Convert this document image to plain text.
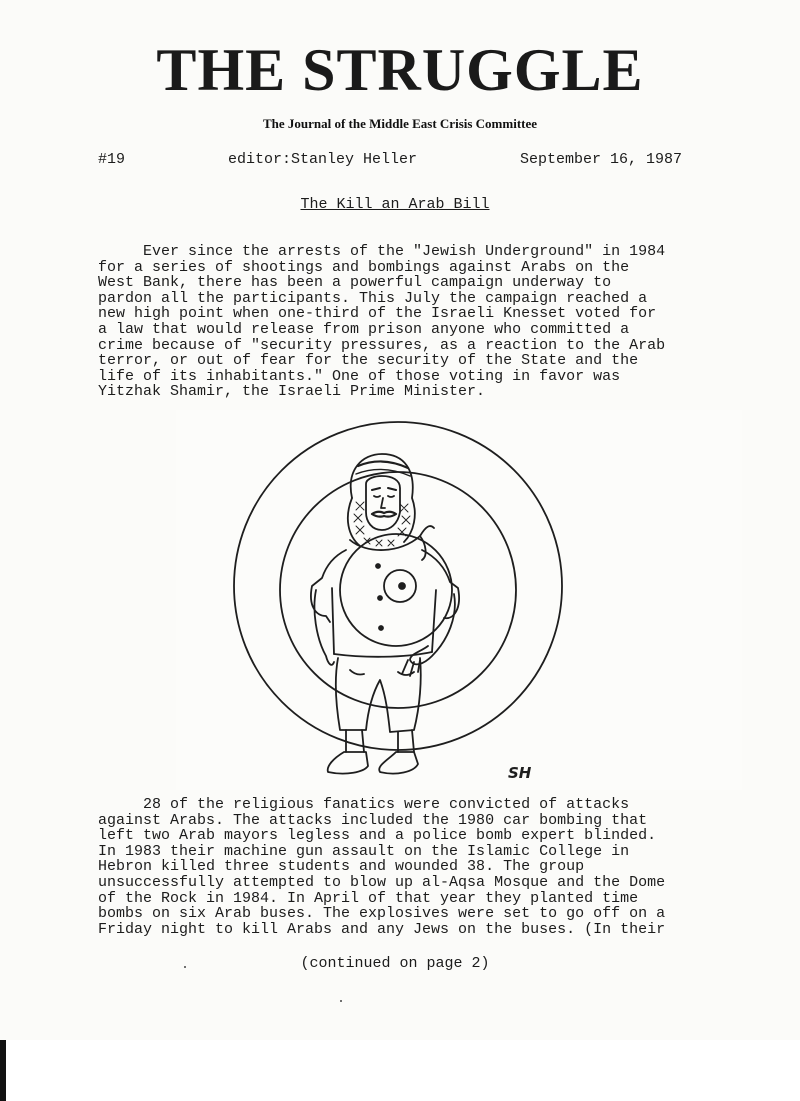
THE STRUGGLE
The Journal of the Middle East Crisis Committee
#19	editor:Stanley Heller	September 16, 1987
The Kill an Arab Bill

Ever since the arrests of the "Jewish Underground" in 1984
for a series of shootings and bombings against Arabs on the
West Bank, there has been a powerful campaign underway to
pardon all the participants. This July the campaign reached a
new high point when one-third of the Israeli Knesset voted for
a law that would release from prison anyone who committed a
crime because of "security pressures, as a reaction to the Arab
terror, or out of fear for the security of the State and the
life of its inhabitants." One of those voting in favor was
Yitzhak Shamir, the Israeli Prime Minister.

SH

28 of the religious fanatics were convicted of attacks
against Arabs. The attacks included the 1980 car bombing that
left two Arab mayors legless and a police bomb expert blinded.
In 1983 their machine gun assault on the Islamic College in
Hebron killed three students and wounded 38. The group
unsuccessfully attempted to blow up al-Aqsa Mosque and the Dome
of the Rock in 1984. In April of that year they planted time
bombs on six Arab buses. The explosives were set to go off on a
Friday night to kill Arabs and any Jews on the buses. (In their

(continued on page 2)
